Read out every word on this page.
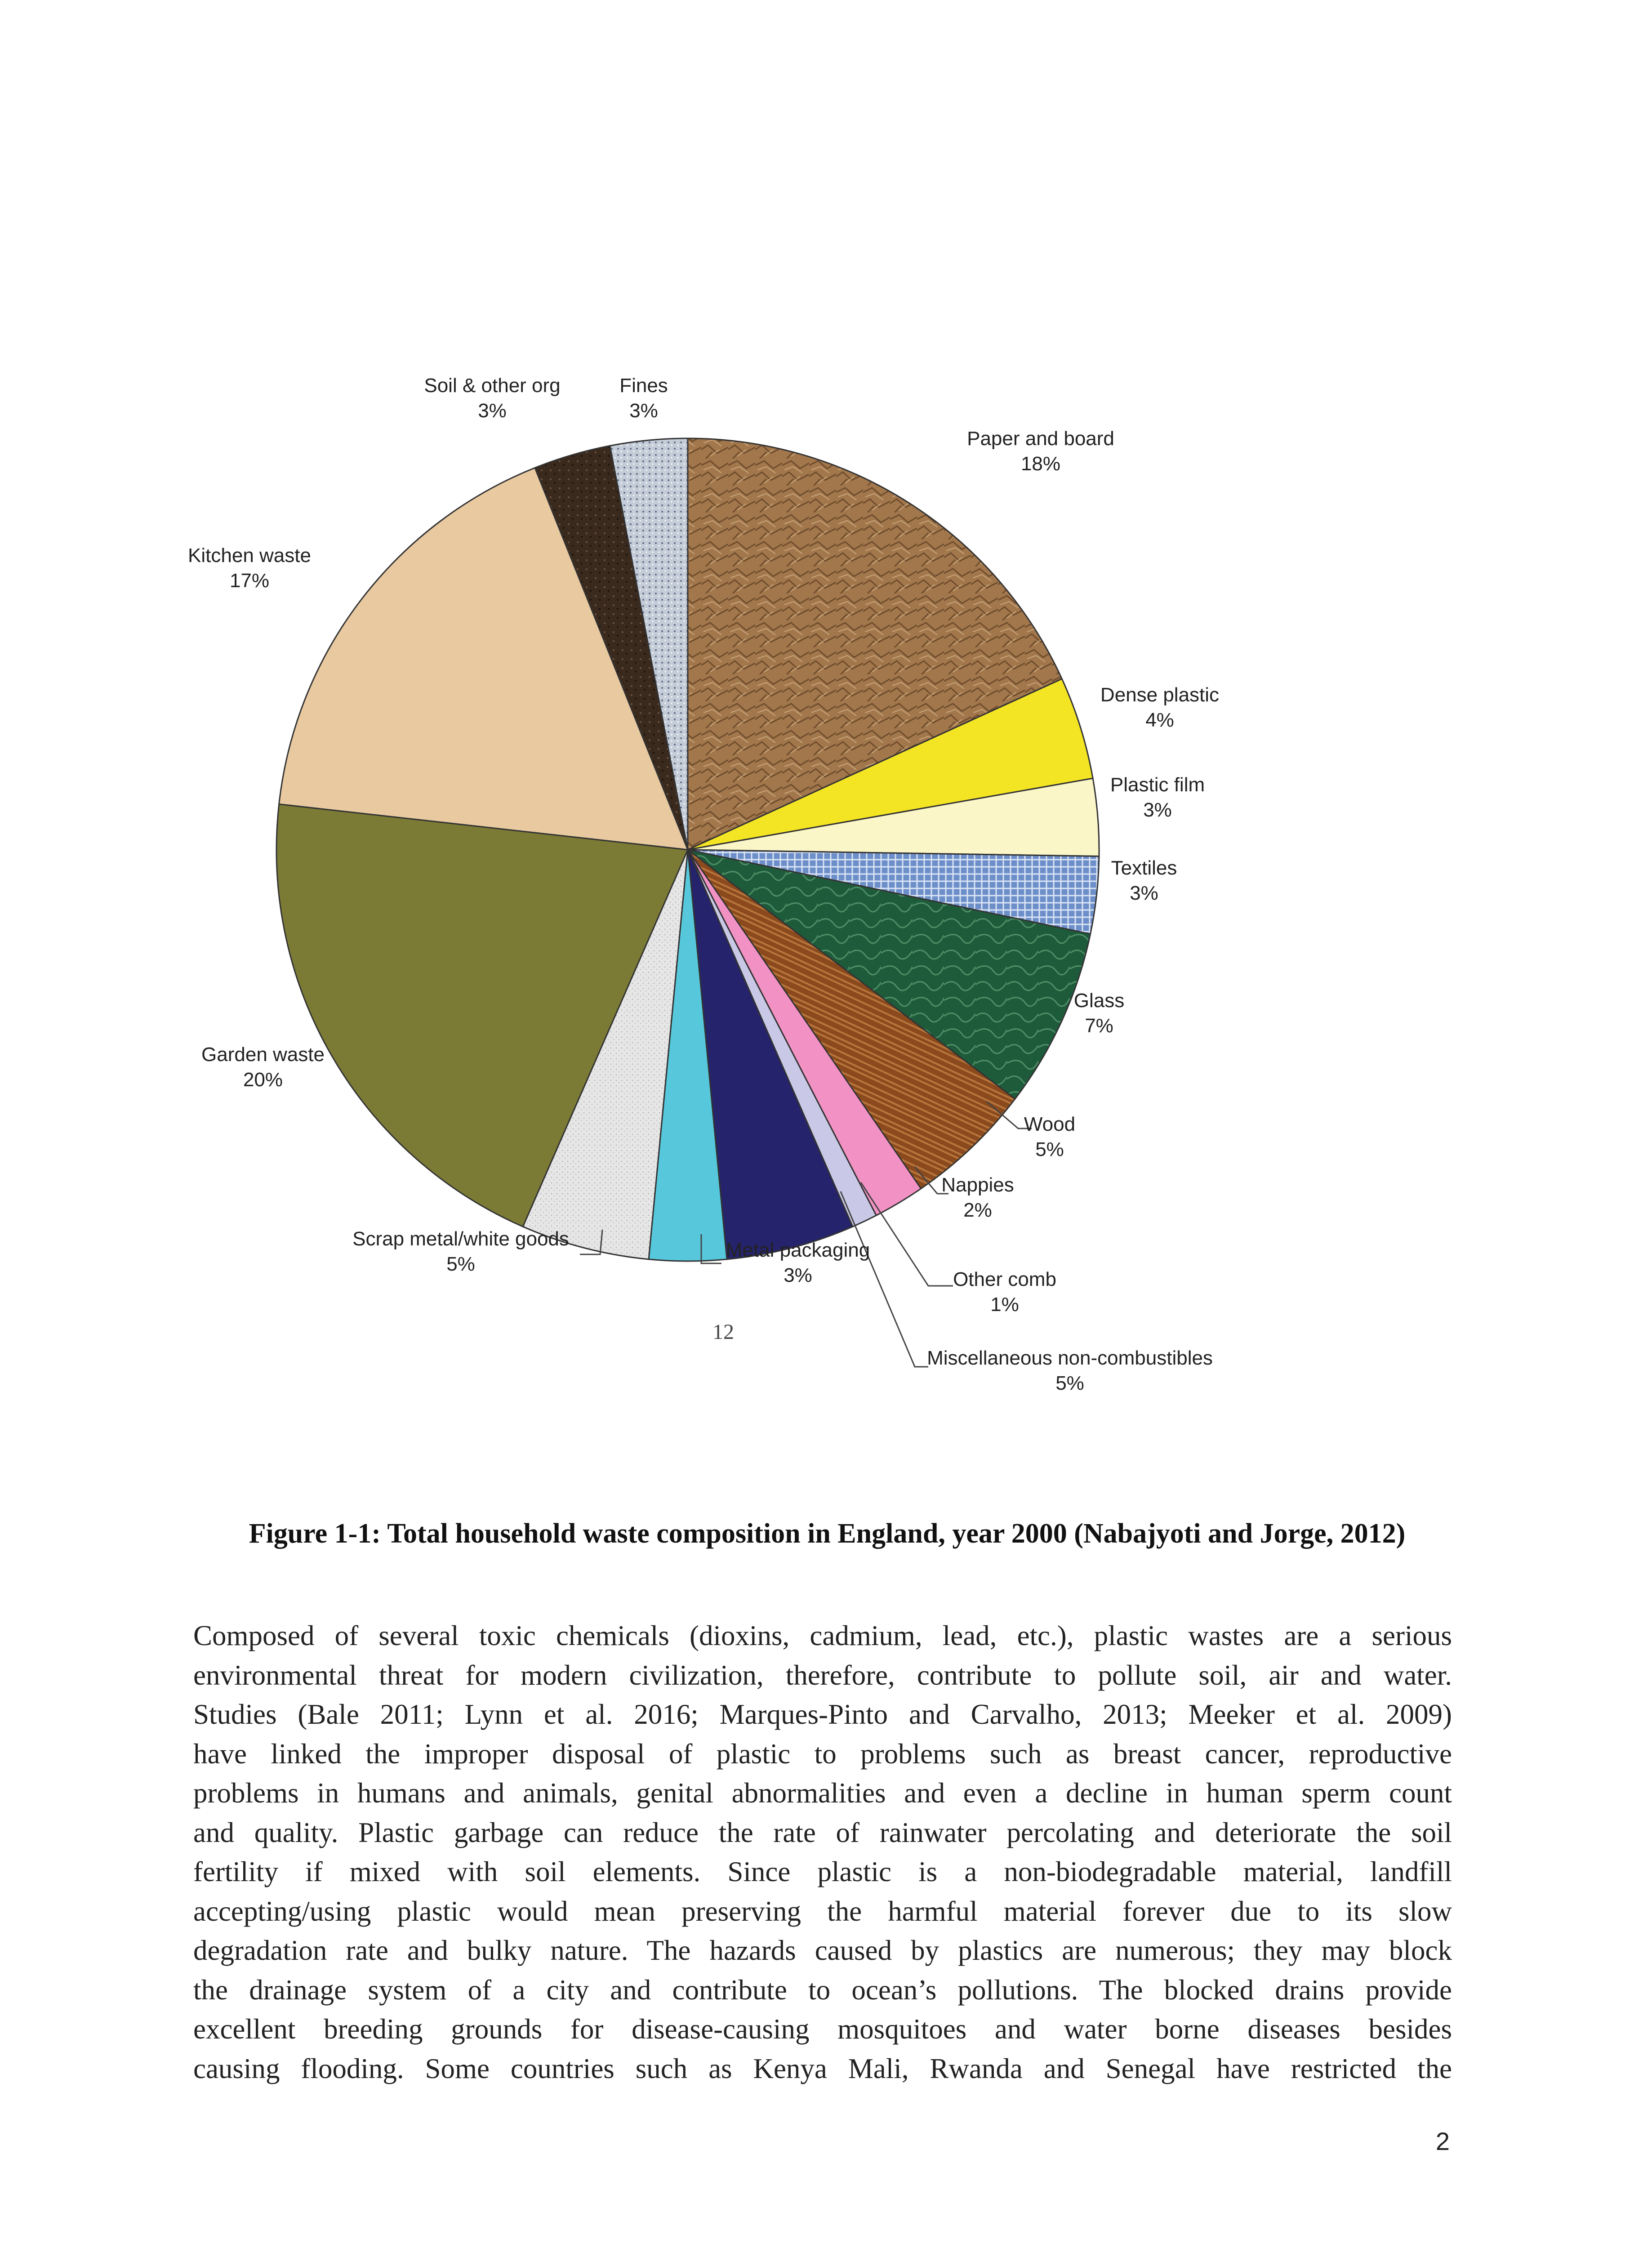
Paper and board
18%
Dense plastic
4%
Plastic film
3%
Textiles
3%
Glass
7%
Wood
5%
Nappies
2%
Other comb
1%
Miscellaneous non-combustibles
5%
Metal packaging
3%
Scrap metal/white goods
5%
Garden waste
20%
Kitchen waste
17%
Soil & other org
3%
Fines
3%
12
Figure 1-1: Total household waste composition in England, year 2000 (Nabajyoti and Jorge, 2012)
Composed of several toxic chemicals (dioxins, cadmium, lead, etc.), plastic wastes are a serious
environmental threat for modern civilization, therefore, contribute to pollute soil, air and water.
Studies (Bale 2011; Lynn et al. 2016; Marques-Pinto and Carvalho, 2013; Meeker et al. 2009)
have linked the improper disposal of plastic to problems such as breast cancer, reproductive
problems in humans and animals, genital abnormalities and even a decline in human sperm count
and quality. Plastic garbage can reduce the rate of rainwater percolating and deteriorate the soil
fertility if mixed with soil elements. Since plastic is a non-biodegradable material, landfill
accepting/using plastic would mean preserving the harmful material forever due to its slow
degradation rate and bulky nature. The hazards caused by plastics are numerous; they may block
the drainage system of a city and contribute to ocean’s pollutions. The blocked drains provide
excellent breeding grounds for disease-causing mosquitoes and water borne diseases besides
causing flooding. Some countries such as Kenya Mali, Rwanda and Senegal have restricted the
2
